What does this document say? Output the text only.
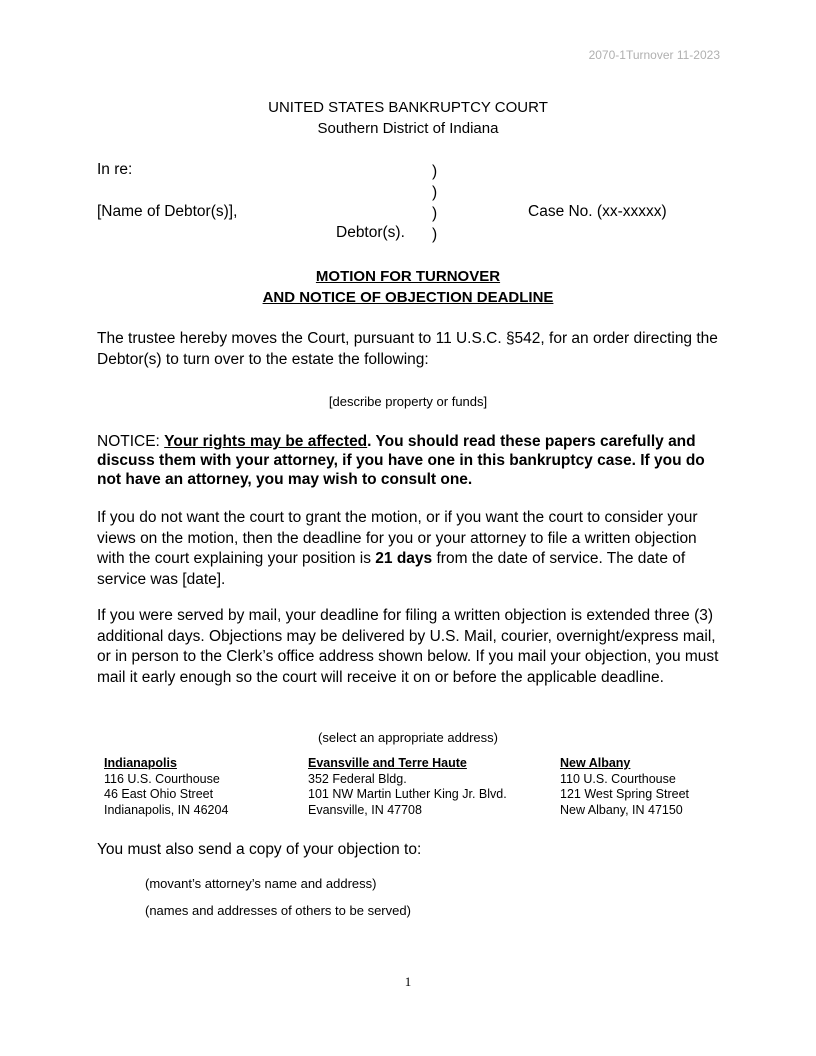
2070-1Turnover 11-2023
UNITED STATES BANKRUPTCY COURT
Southern District of Indiana
In re:
[Name of Debtor(s)],
Debtor(s).
)
)
)
)
Case No. (xx-xxxxx)
MOTION FOR TURNOVER
AND NOTICE OF OBJECTION DEADLINE
The trustee hereby moves the Court, pursuant to 11 U.S.C. §542, for an order directing the Debtor(s) to turn over to the estate the following:
[describe property or funds]
NOTICE: Your rights may be affected. You should read these papers carefully and discuss them with your attorney, if you have one in this bankruptcy case. If you do not have an attorney, you may wish to consult one.
If you do not want the court to grant the motion, or if you want the court to consider your views on the motion, then the deadline for you or your attorney to file a written objection with the court explaining your position is 21 days from the date of service. The date of service was [date].
If you were served by mail, your deadline for filing a written objection is extended three (3) additional days. Objections may be delivered by U.S. Mail, courier, overnight/express mail, or in person to the Clerk’s office address shown below. If you mail your objection, you must mail it early enough so the court will receive it on or before the applicable deadline.
(select an appropriate address)
Indianapolis
116 U.S. Courthouse
46 East Ohio Street
Indianapolis, IN 46204
Evansville and Terre Haute
352 Federal Bldg.
101 NW Martin Luther King Jr. Blvd.
Evansville, IN 47708
New Albany
110 U.S. Courthouse
121 West Spring Street
New Albany, IN 47150
You must also send a copy of your objection to:
(movant’s attorney’s name and address)
(names and addresses of others to be served)
1
